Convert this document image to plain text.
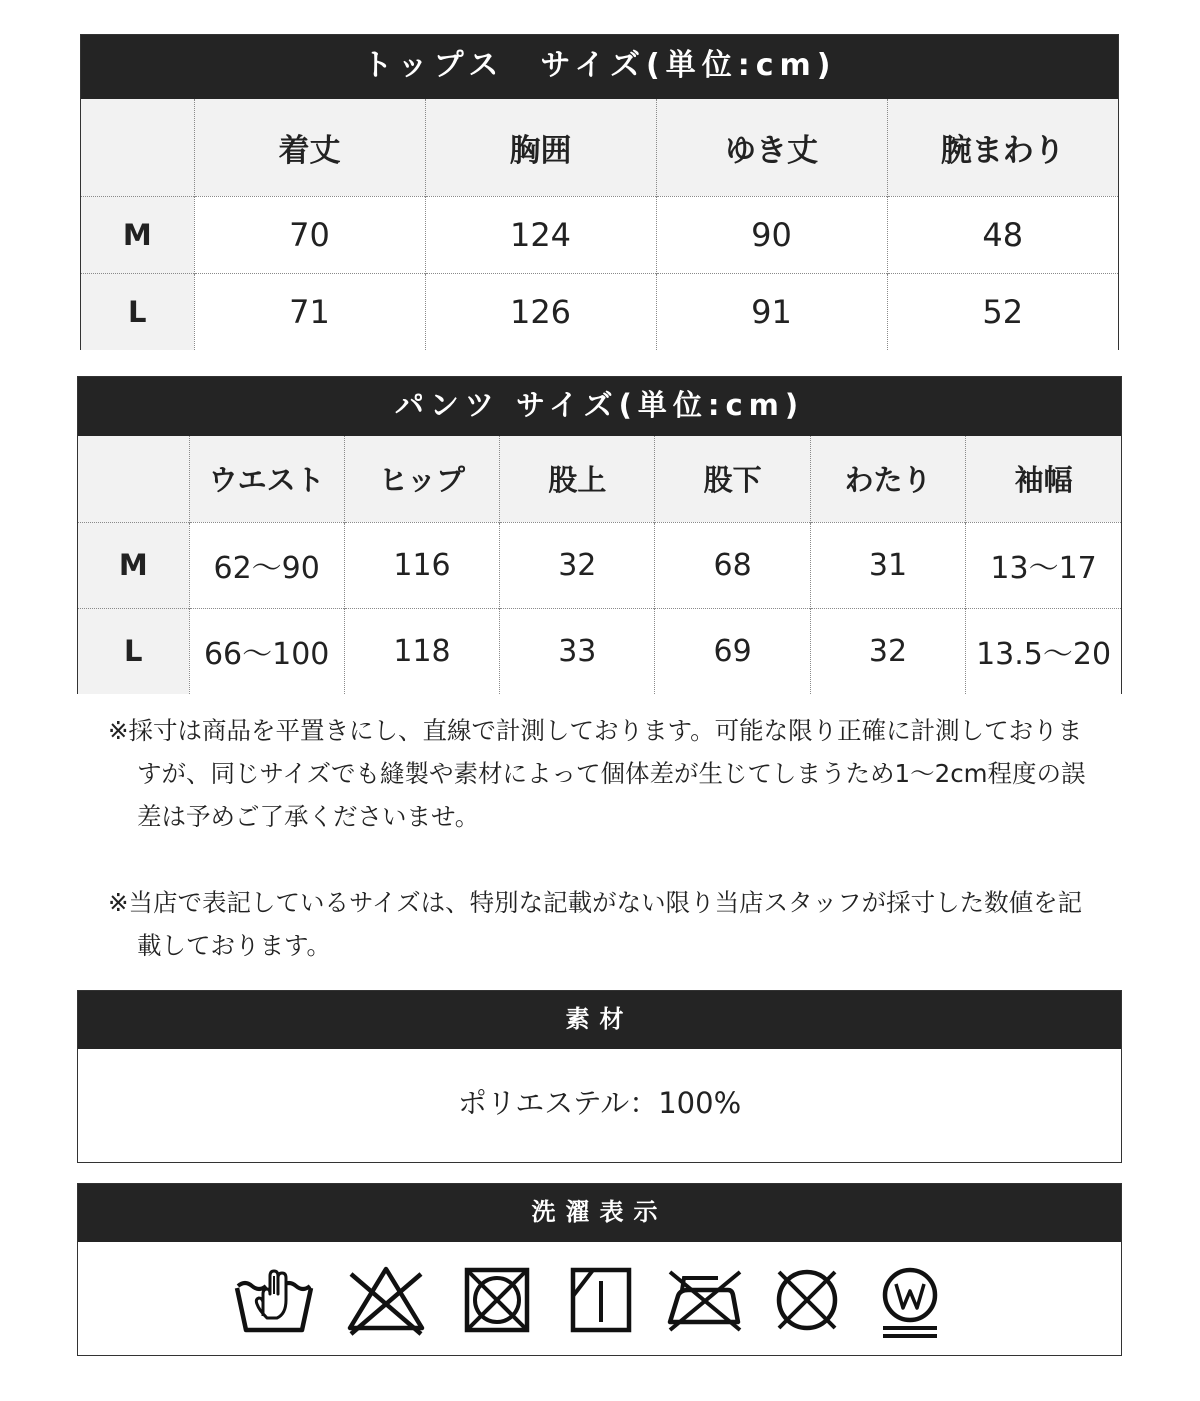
トップス　サイズ(単位:cm)
	着丈	胸囲	ゆき丈	腕まわり
M	70	124	90	48
L	71	126	91	52
パンツ サイズ(単位:cm)
	ウエスト	ヒップ	股上	股下	わたり	袖幅
M	62～90	116	32	68	31	13～17
L	66～100	118	33	69	32	13.5～20

※採寸は商品を平置きにし、直線で計測しております。可能な限り正確に計測しておりますが、同じサイズでも縫製や素材によって個体差が生じてしまうため1～2cm程度の誤差は予めご了承くださいませ。

※当店で表記しているサイズは、特別な記載がない限り当店スタッフが採寸した数値を記載しております。

素材
ポリエステル：100%
洗濯表示
